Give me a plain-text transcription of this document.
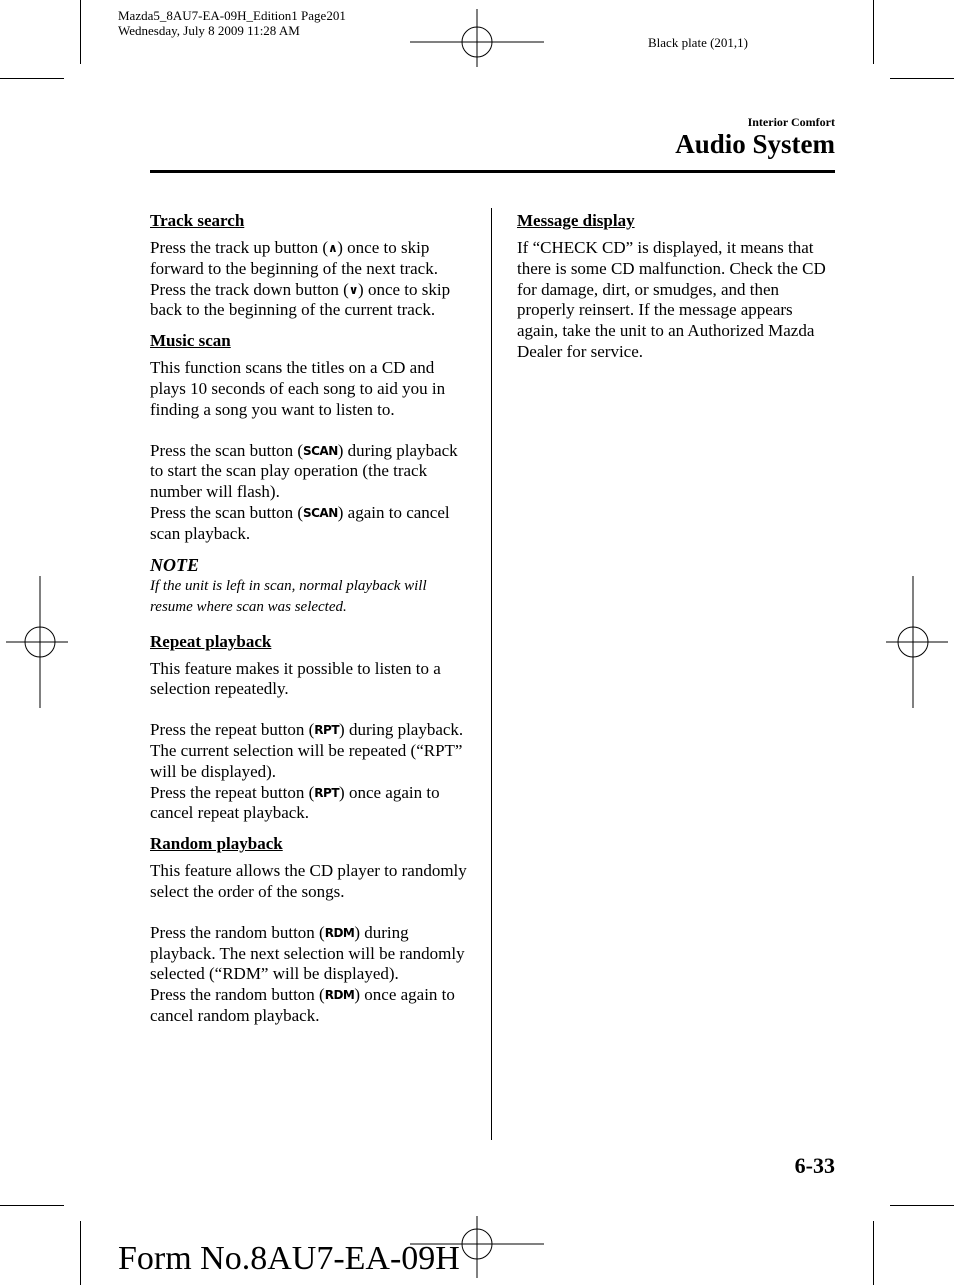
Mazda5_8AU7-EA-09H_Edition1 Page201
Wednesday, July 8 2009 11:28 AM
Black plate (201,1)
Interior Comfort
Audio System
Track search

Press the track up button (∧) once to skip forward to the beginning of the next track.

Press the track down button (∨) once to skip back to the beginning of the current track.

Music scan

This function scans the titles on a CD and plays 10 seconds of each song to aid you in finding a song you want to listen to.

Press the scan button (SCAN) during playback to start the scan play operation (the track number will flash).

Press the scan button (SCAN) again to cancel scan playback.

NOTE
If the unit is left in scan, normal playback will resume where scan was selected.
Repeat playback

This feature makes it possible to listen to a selection repeatedly.

Press the repeat button (RPT) during playback. The current selection will be repeated (“RPT” will be displayed).

Press the repeat button (RPT) once again to cancel repeat playback.

Random playback

This feature allows the CD player to randomly select the order of the songs.

Press the random button (RDM) during playback. The next selection will be randomly selected (“RDM” will be displayed).

Press the random button (RDM) once again to cancel random playback.

Message display

If “CHECK CD” is displayed, it means that there is some CD malfunction. Check the CD for damage, dirt, or smudges, and then properly reinsert. If the message appears again, take the unit to an Authorized Mazda Dealer for service.

6-33
Form No.8AU7-EA-09H
